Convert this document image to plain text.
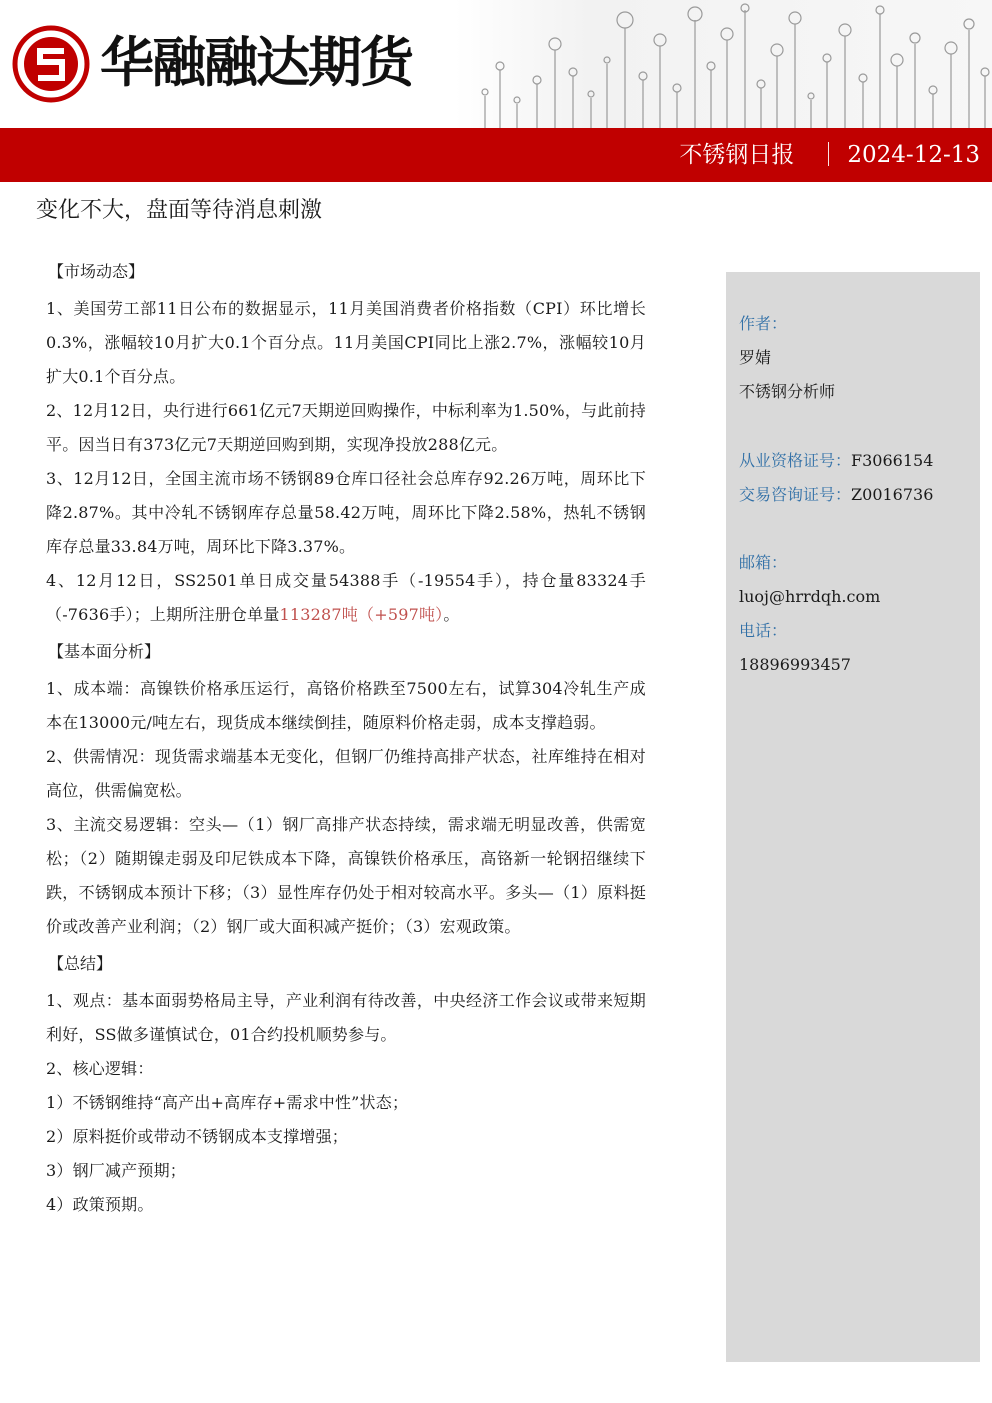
华融融达期货
不锈钢日报 2024-12-13
变化不大，盘面等待消息刺激
【市场动态】
1、美国劳工部11日公布的数据显示，11月美国消费者价格指数（CPI）环比增长0.3%，涨幅较10月扩大0.1个百分点。11月美国CPI同比上涨2.7%，涨幅较10月扩大0.1个百分点。
2、12月12日，央行进行661亿元7天期逆回购操作，中标利率为1.50%，与此前持平。因当日有373亿元7天期逆回购到期，实现净投放288亿元。
3、12月12日，全国主流市场不锈钢89仓库口径社会总库存92.26万吨，周环比下降2.87%。其中冷轧不锈钢库存总量58.42万吨，周环比下降2.58%，热轧不锈钢库存总量33.84万吨，周环比下降3.37%。
4、12月12日，SS2501单日成交量54388手（-19554手），持仓量83324手（-7636手）；上期所注册仓单量113287吨（+597吨）。
【基本面分析】
1、成本端：高镍铁价格承压运行，高铬价格跌至7500左右，试算304冷轧生产成本在13000元/吨左右，现货成本继续倒挂，随原料价格走弱，成本支撑趋弱。
2、供需情况：现货需求端基本无变化，但钢厂仍维持高排产状态，社库维持在相对高位，供需偏宽松。
3、主流交易逻辑：空头—（1）钢厂高排产状态持续，需求端无明显改善，供需宽松；（2）随期镍走弱及印尼铁成本下降，高镍铁价格承压，高铬新一轮钢招继续下跌，不锈钢成本预计下移；（3）显性库存仍处于相对较高水平。多头—（1）原料挺价或改善产业利润；（2）钢厂或大面积减产挺价；（3）宏观政策。
【总结】
1、观点：基本面弱势格局主导，产业利润有待改善，中央经济工作会议或带来短期利好，SS做多谨慎试仓，01合约投机顺势参与。
2、核心逻辑：
1）不锈钢维持“高产出+高库存+需求中性”状态；
2）原料挺价或带动不锈钢成本支撑增强；
3）钢厂减产预期；
4）政策预期。
作者：
罗婧
不锈钢分析师
从业资格证号：F3066154
交易咨询证号：Z0016736
邮箱：
luoj@hrrdqh.com
电话：
18896993457
